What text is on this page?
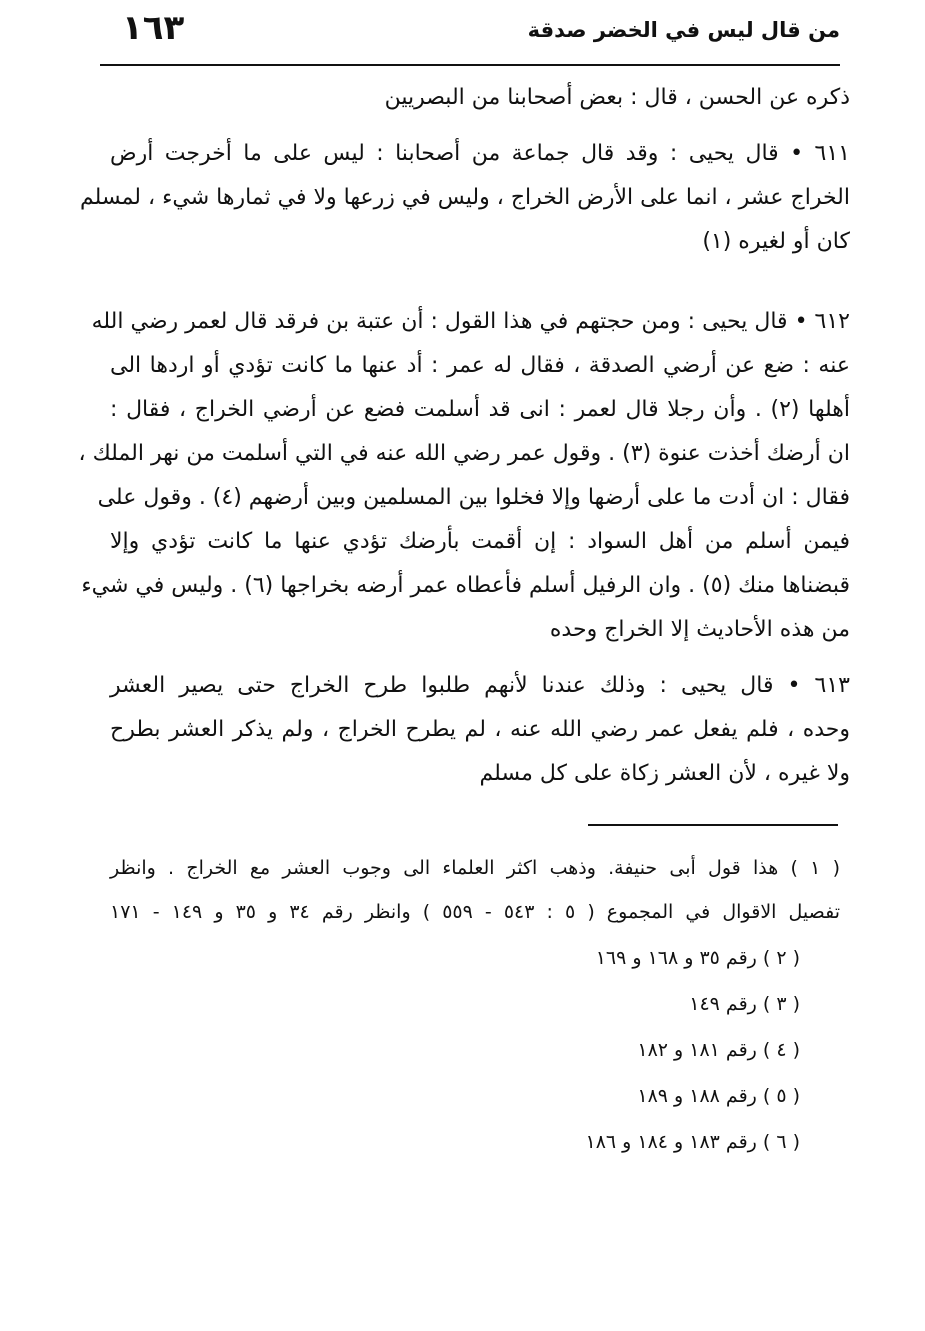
من قال ليس في الخضر صدقة
١٦٣
ذكره عن الحسن ، قال : بعض أصحابنا من البصريين
٦١١ • قال يحيى : وقد قال جماعة من أصحابنا : ليس على ما أخرجت أرض
الخراج عشر ، انما على الأرض الخراج ، وليس في زرعها ولا في ثمارها شيء ، لمسلم
كان أو لغيره (١)
٦١٢ • قال يحيى : ومن حجتهم في هذا القول : أن عتبة بن فرقد قال لعمر رضي الله
عنه : ضع عن أرضي الصدقة ، فقال له عمر : أد عنها ما كانت تؤدي أو اردها الى
أهلها (٢) . وأن رجلا قال لعمر : انى قد أسلمت فضع عن أرضي الخراج ، فقال :
ان أرضك أخذت عنوة (٣) . وقول عمر رضي الله عنه في التي أسلمت من نهر الملك ،
فقال : ان أدت ما على أرضها وإلا فخلوا بين المسلمين وبين أرضهم (٤) . وقول على
فيمن أسلم من أهل السواد : إن أقمت بأرضك تؤدي عنها ما كانت تؤدي وإلا
قبضناها منك (٥) . وان الرفيل أسلم فأعطاه عمر أرضه بخراجها (٦) . وليس في شيء
من هذه الأحاديث إلا الخراج وحده
٦١٣ • قال يحيى : وذلك عندنا لأنهم طلبوا طرح الخراج حتى يصير العشر
وحده ، فلم يفعل عمر رضي الله عنه ، لم يطرح الخراج ، ولم يذكر العشر بطرح
ولا غيره ، لأن العشر زكاة على كل مسلم
( ١ ) هذا قول أبى حنيفة. وذهب اكثر العلماء الى وجوب العشر مع الخراج . وانظر
تفصيل الاقوال في المجموع ( ٥ : ٥٤٣ - ٥٥٩ ) وانظر رقم ٣٤ و ٣٥ و ١٤٩ - ١٧١
( ٢ ) رقم ٣٥ و ١٦٨ و ١٦٩
( ٣ ) رقم ١٤٩
( ٤ ) رقم ١٨١ و ١٨٢
( ٥ ) رقم ١٨٨ و ١٨٩
( ٦ ) رقم ١٨٣ و ١٨٤ و ١٨٦
